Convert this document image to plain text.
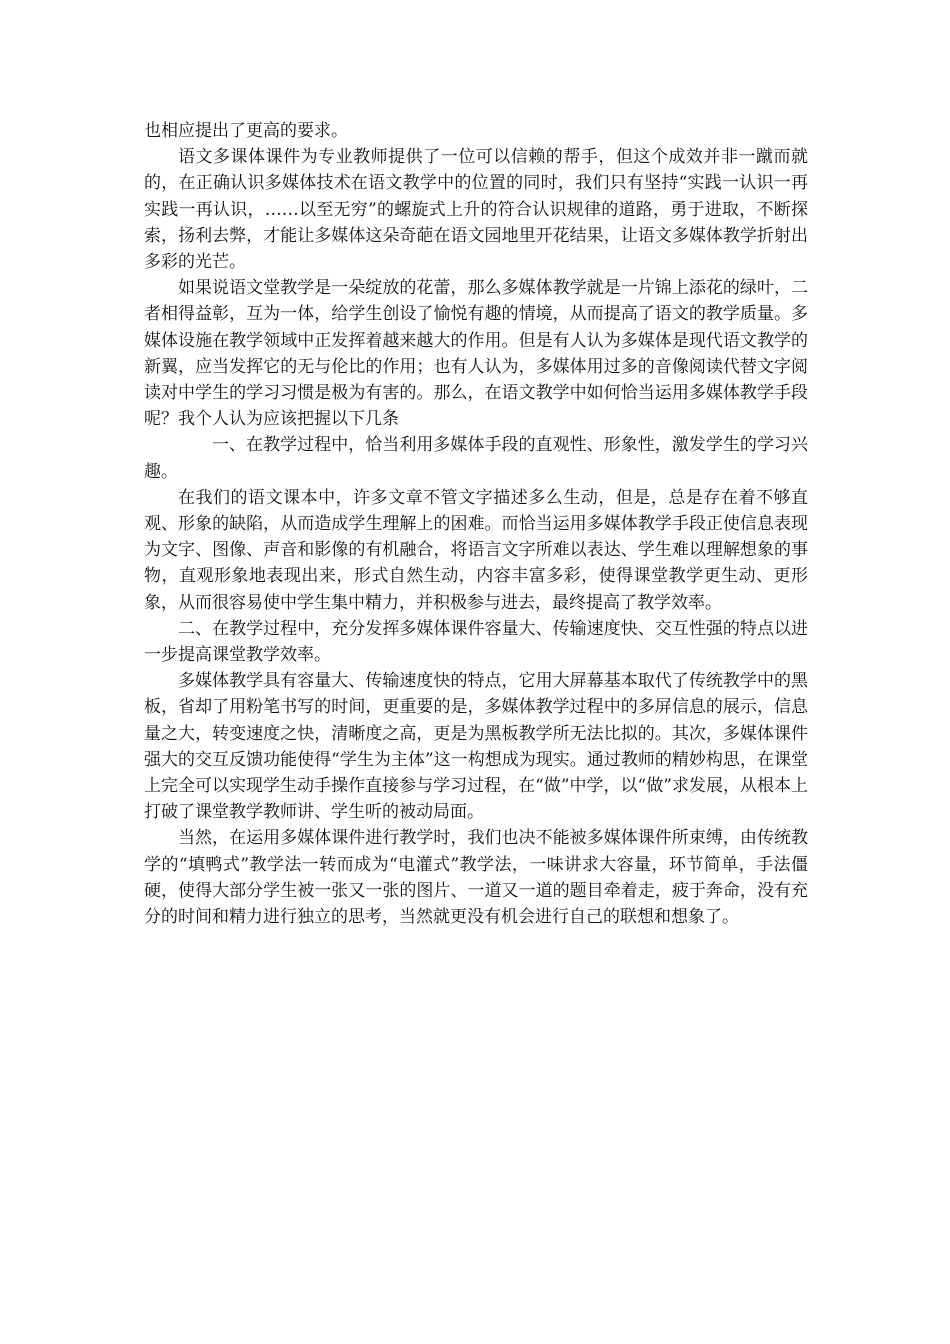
也相应提出了更高的要求。

语文多课体课件为专业教师提供了一位可以信赖的帮手，但这个成效并非一蹴而就的，在正确认识多媒体技术在语文教学中的位置的同时，我们只有坚持“实践一认识一再实践一再认识，……以至无穷”的螺旋式上升的符合认识规律的道路，勇于进取，不断探索，扬利去弊，才能让多媒体这朵奇葩在语文园地里开花结果，让语文多媒体教学折射出多彩的光芒。

如果说语文堂教学是一朵绽放的花蕾，那么多媒体教学就是一片锦上添花的绿叶，二者相得益彰，互为一体，给学生创设了愉悦有趣的情境，从而提高了语文的教学质量。多媒体设施在教学领域中正发挥着越来越大的作用。但是有人认为多媒体是现代语文教学的新翼，应当发挥它的无与伦比的作用；也有人认为，多媒体用过多的音像阅读代替文字阅读对中学生的学习习惯是极为有害的。那么，在语文教学中如何恰当运用多媒体教学手段呢？我个人认为应该把握以下几条

一、在教学过程中，恰当利用多媒体手段的直观性、形象性，激发学生的学习兴趣。

在我们的语文课本中，许多文章不管文字描述多么生动，但是，总是存在着不够直观、形象的缺陷，从而造成学生理解上的困难。而恰当运用多媒体教学手段正使信息表现为文字、图像、声音和影像的有机融合，将语言文字所难以表达、学生难以理解想象的事物，直观形象地表现出来，形式自然生动，内容丰富多彩，使得课堂教学更生动、更形象，从而很容易使中学生集中精力，并积极参与进去，最终提高了教学效率。

二、在教学过程中，充分发挥多媒体课件容量大、传输速度快、交互性强的特点以进一步提高课堂教学效率。

多媒体教学具有容量大、传输速度快的特点，它用大屏幕基本取代了传统教学中的黑板，省却了用粉笔书写的时间，更重要的是，多媒体教学过程中的多屏信息的展示，信息量之大，转变速度之快，清晰度之高，更是为黑板教学所无法比拟的。其次，多媒体课件强大的交互反馈功能使得“学生为主体”这一构想成为现实。通过教师的精妙构思，在课堂上完全可以实现学生动手操作直接参与学习过程，在“做”中学，以“做”求发展，从根本上打破了课堂教学教师讲、学生听的被动局面。

当然，在运用多媒体课件进行教学时，我们也决不能被多媒体课件所束缚，由传统教学的“填鸭式”教学法一转而成为“电灌式”教学法，一味讲求大容量，环节简单，手法僵硬，使得大部分学生被一张又一张的图片、一道又一道的题目牵着走，疲于奔命，没有充分的时间和精力进行独立的思考，当然就更没有机会进行自己的联想和想象了。
